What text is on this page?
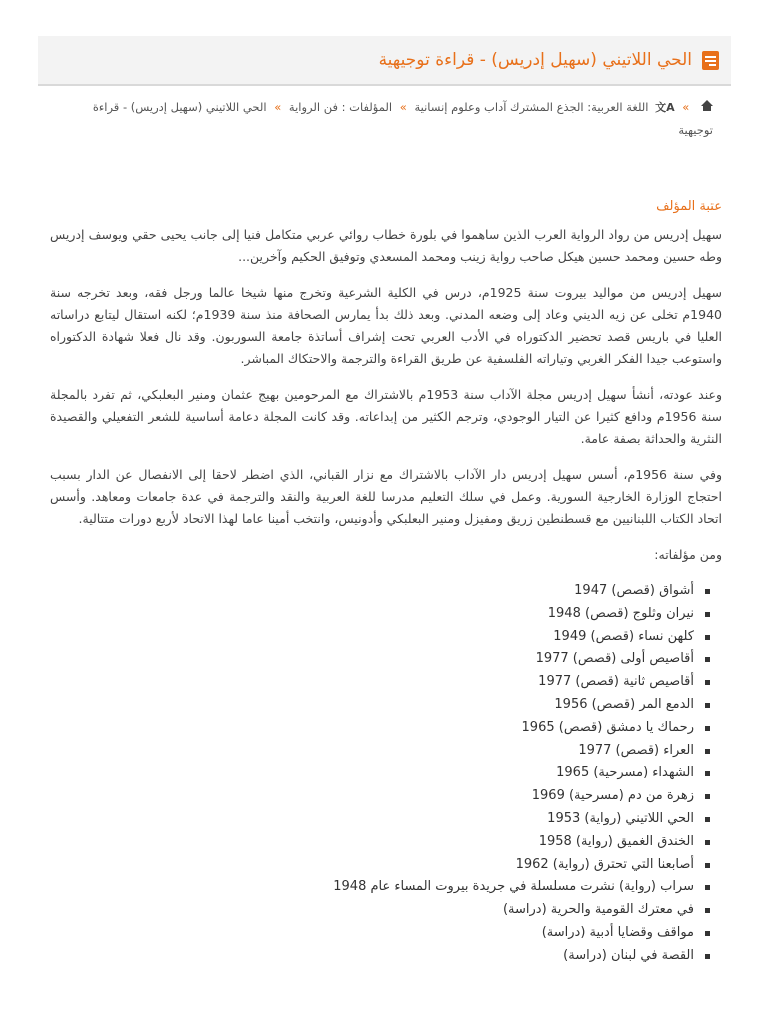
الحي اللاتيني (سهيل إدريس) - قراءة توجيهية
» 文A اللغة العربية: الجذع المشترك آداب وعلوم إنسانية » المؤلفات : فن الرواية » الحي اللاتيني (سهيل إدريس) - قراءة توجيهية
عتبة المؤلف

سهيل إدريس من رواد الرواية العرب الذين ساهموا في بلورة خطاب روائي عربي متكامل فنيا إلى جانب يحيى حقي ويوسف إدريس وطه حسين ومحمد حسين هيكل صاحب رواية زينب ومحمد المسعدي وتوفيق الحكيم وآخرين...

سهيل إدريس من مواليد بيروت سنة 1925م، درس في الكلية الشرعية وتخرج منها شيخا عالما ورجل فقه، وبعد تخرجه سنة 1940م تخلى عن زيه الديني وعاد إلى وضعه المدني. وبعد ذلك بدأ يمارس الصحافة منذ سنة 1939م؛ لكنه استقال ليتابع دراساته العليا في باريس قصد تحضير الدكتوراه في الأدب العربي تحت إشراف أساتذة جامعة السوربون. وقد نال فعلا شهادة الدكتوراه واستوعب جيدا الفكر الغربي وتياراته الفلسفية عن طريق القراءة والترجمة والاحتكاك المباشر.

وعند عودته، أنشأ سهيل إدريس مجلة الآداب سنة 1953م بالاشتراك مع المرحومين بهيج عثمان ومنير البعلبكي، ثم تفرد بالمجلة سنة 1956م ودافع كثيرا عن التيار الوجودي، وترجم الكثير من إبداعاته. وقد كانت المجلة دعامة أساسية للشعر التفعيلي والقصيدة النثرية والحداثة بصفة عامة.

وفي سنة 1956م، أسس سهيل إدريس دار الآداب بالاشتراك مع نزار القباني، الذي اضطر لاحقا إلى الانفصال عن الدار بسبب احتجاج الوزارة الخارجية السورية. وعمل في سلك التعليم مدرسا للغة العربية والنقد والترجمة في عدة جامعات ومعاهد. وأسس اتحاد الكتاب اللبنانيين مع قسطنطين زريق ومفيزل ومنير البعلبكي وأدونيس، وانتخب أمينا عاما لهذا الاتحاد لأربع دورات متتالية.

ومن مؤلفاته:
أشواق (قصص) 1947
نيران وثلوج (قصص) 1948
كلهن نساء (قصص) 1949
أقاصيص أولى (قصص) 1977
أقاصيص ثانية (قصص) 1977
الدمع المر (قصص) 1956
رحماك يا دمشق (قصص) 1965
العراء (قصص) 1977
الشهداء (مسرحية) 1965
زهرة من دم (مسرحية) 1969
الحي اللاتيني (رواية) 1953
الخندق الغميق (رواية) 1958
أصابعنا التي تحترق (رواية) 1962
سراب (رواية) نشرت مسلسلة في جريدة بيروت المساء عام 1948
في معترك القومية والحرية (دراسة)
مواقف وقضايا أدبية (دراسة)
القصة في لبنان (دراسة)
